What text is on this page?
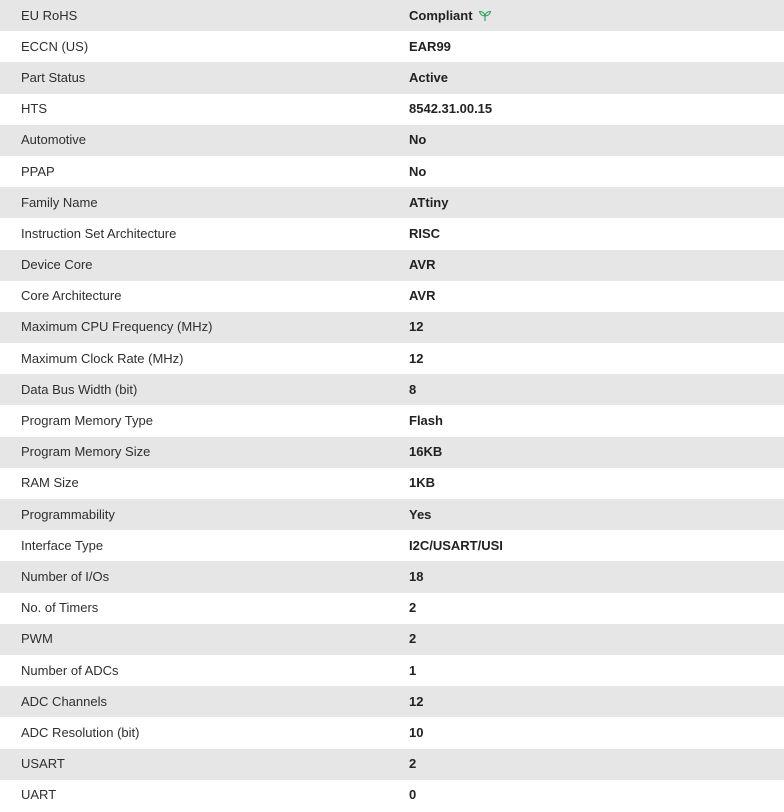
EU RoHS	Compliant
ECCN (US)	EAR99
Part Status	Active
HTS	8542.31.00.15
Automotive	No
PPAP	No
Family Name	ATtiny
Instruction Set Architecture	RISC
Device Core	AVR
Core Architecture	AVR
Maximum CPU Frequency (MHz)	12
Maximum Clock Rate (MHz)	12
Data Bus Width (bit)	8
Program Memory Type	Flash
Program Memory Size	16KB
RAM Size	1KB
Programmability	Yes
Interface Type	I2C/USART/USI
Number of I/Os	18
No. of Timers	2
PWM	2
Number of ADCs	1
ADC Channels	12
ADC Resolution (bit)	10
USART	2
UART	0
